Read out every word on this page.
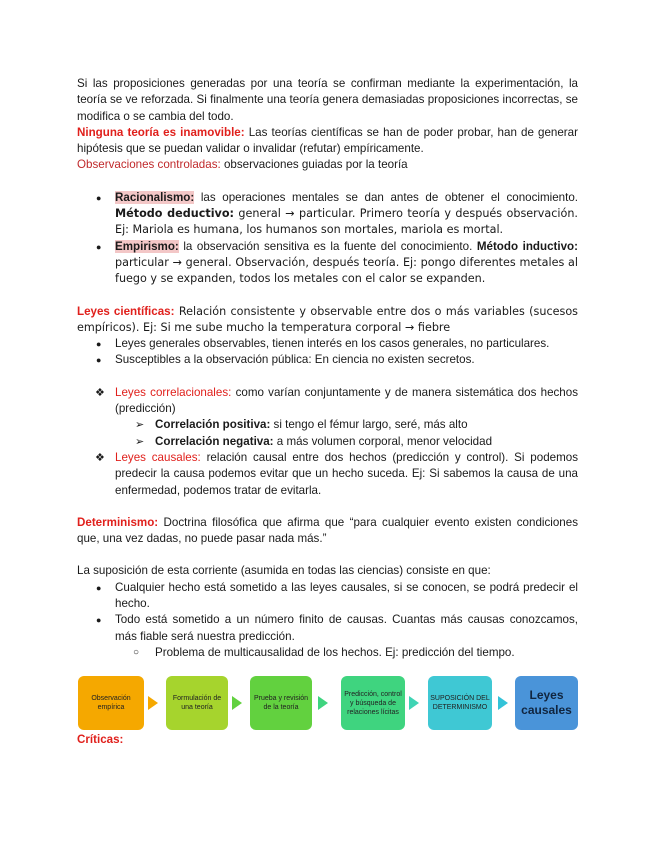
Si las proposiciones generadas por una teoría se confirman mediante la experimentación, la teoría se ve reforzada. Si finalmente una teoría genera demasiadas proposiciones incorrectas, se modifica o se cambia del todo.

Ninguna teoría es inamovible: Las teorías científicas se han de poder probar, han de generar hipótesis que se puedan validar o invalidar (refutar) empíricamente.

Observaciones controladas: observaciones guiadas por la teoría

● Racionalismo: las operaciones mentales se dan antes de obtener el conocimiento. Método deductivo: general → particular. Primero teoría y después observación. Ej: Mariola es humana, los humanos son mortales, mariola es mortal.
● Empirismo: la observación sensitiva es la fuente del conocimiento. Método inductivo: particular → general. Observación, después teoría. Ej: pongo diferentes metales al fuego y se expanden, todos los metales con el calor se expanden.

Leyes científicas: Relación consistente y observable entre dos o más variables (sucesos empíricos). Ej: Si me sube mucho la temperatura corporal → fiebre

● Leyes generales observables, tienen interés en los casos generales, no particulares.
● Susceptibles a la observación pública: En ciencia no existen secretos.
❖ Leyes correlacionales: como varían conjuntamente y de manera sistemática dos hechos (predicción)
➢ Correlación positiva: si tengo el fémur largo, seré, más alto
➢ Correlación negativa: a más volumen corporal, menor velocidad
❖ Leyes causales: relación causal entre dos hechos (predicción y control). Si podemos predecir la causa podemos evitar que un hecho suceda. Ej: Si sabemos la causa de una enfermedad, podemos tratar de evitarla.

Determinismo: Doctrina filosófica que afirma que “para cualquier evento existen condiciones que, una vez dadas, no puede pasar nada más.”

La suposición de esta corriente (asumida en todas las ciencias) consiste en que:

● Cualquier hecho está sometido a las leyes causales, si se conocen, se podrá predecir el hecho.
● Todo está sometido a un número finito de causas. Cuantas más causas conozcamos, más fiable será nuestra predicción.
○ Problema de multicausalidad de los hechos. Ej: predicción del tiempo.
Observación empírica
Formulación de una teoría
Prueba y revisión de la teoría
Predicción, control y búsqueda de relaciones lícitas
SUPOSICIÓN DEL DETERMINISMO
Leyes causales
Críticas:
